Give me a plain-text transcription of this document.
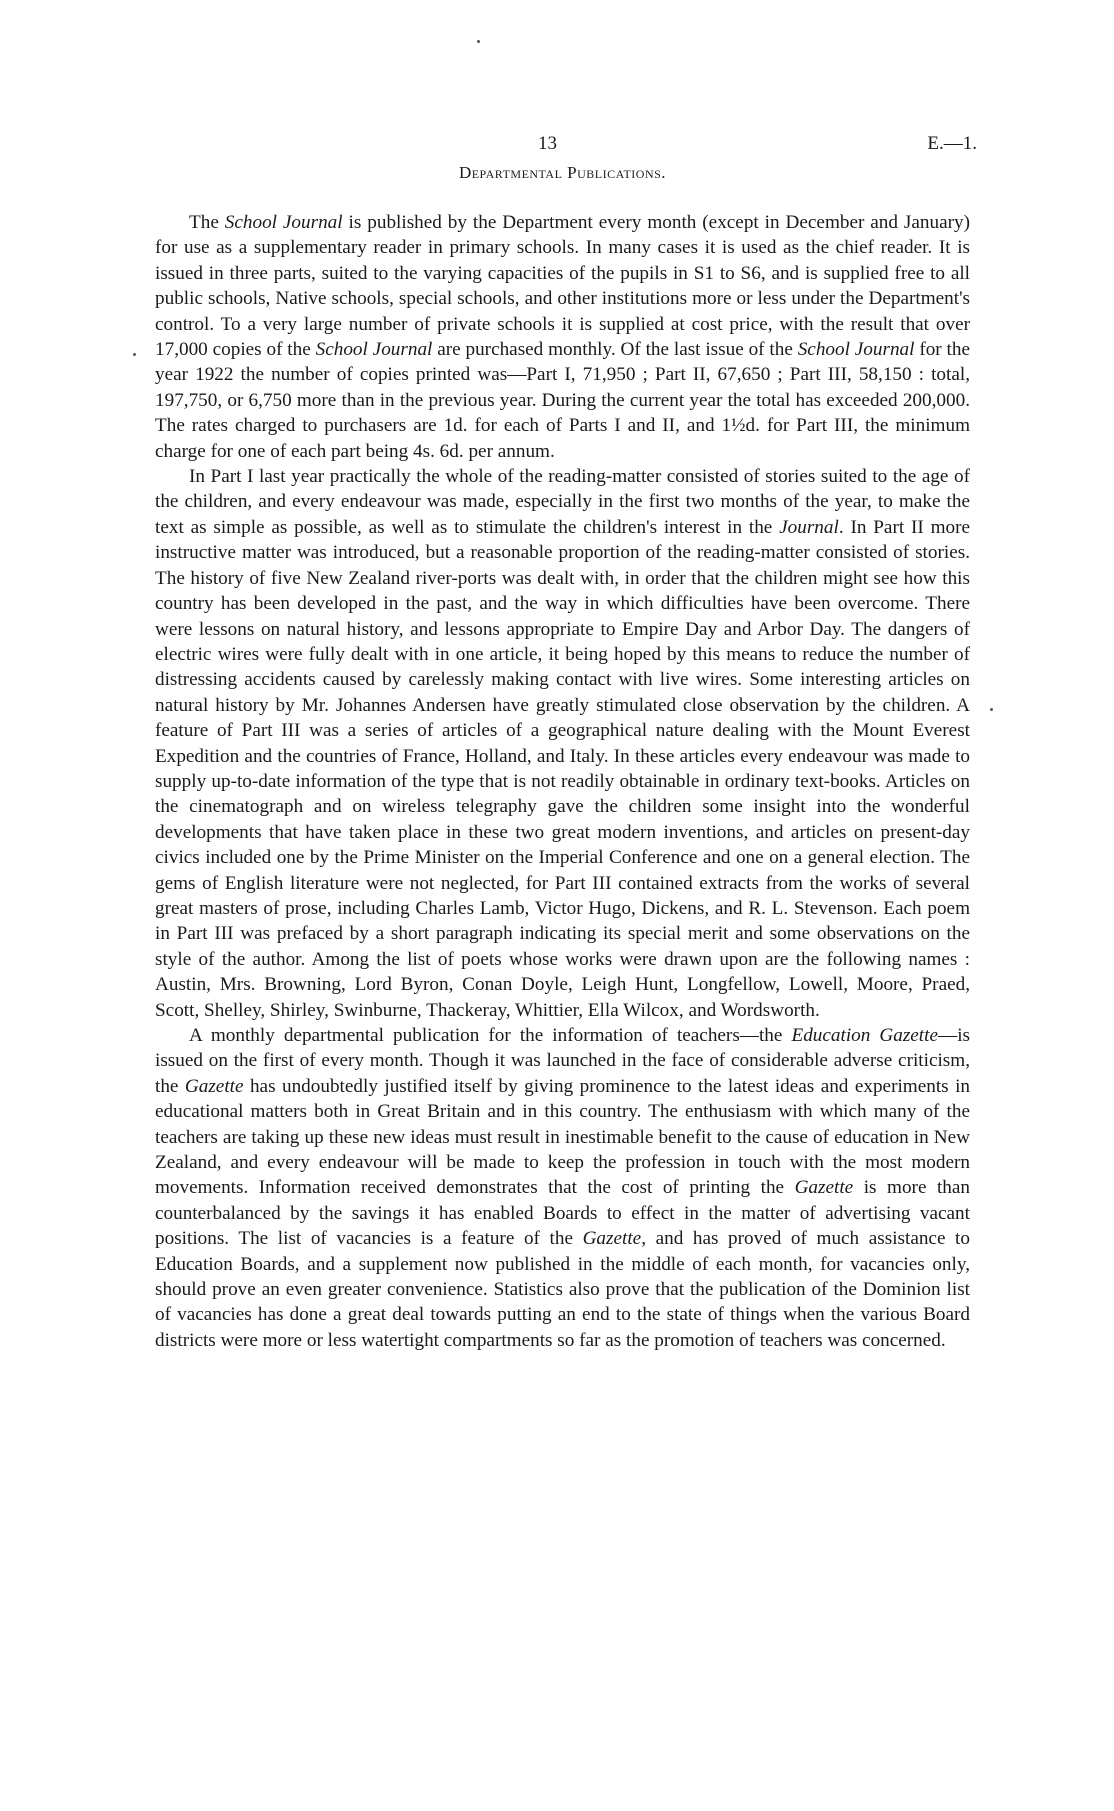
13	E.—1.
Departmental Publications.

The School Journal is published by the Department every month (except in December and January) for use as a supplementary reader in primary schools. In many cases it is used as the chief reader. It is issued in three parts, suited to the varying capacities of the pupils in S1 to S6, and is supplied free to all public schools, Native schools, special schools, and other institutions more or less under the Department's control. To a very large number of private schools it is supplied at cost price, with the result that over 17,000 copies of the School Journal are purchased monthly. Of the last issue of the School Journal for the year 1922 the number of copies printed was—Part I, 71,950 ; Part II, 67,650 ; Part III, 58,150 : total, 197,750, or 6,750 more than in the previous year. During the current year the total has exceeded 200,000. The rates charged to purchasers are 1d. for each of Parts I and II, and 1½d. for Part III, the minimum charge for one of each part being 4s. 6d. per annum.

In Part I last year practically the whole of the reading-matter consisted of stories suited to the age of the children, and every endeavour was made, especially in the first two months of the year, to make the text as simple as possible, as well as to stimulate the children's interest in the Journal. In Part II more instructive matter was introduced, but a reasonable proportion of the reading-matter consisted of stories. The history of five New Zealand river-ports was dealt with, in order that the children might see how this country has been developed in the past, and the way in which difficulties have been overcome. There were lessons on natural history, and lessons appropriate to Empire Day and Arbor Day. The dangers of electric wires were fully dealt with in one article, it being hoped by this means to reduce the number of distressing accidents caused by carelessly making contact with live wires. Some interesting articles on natural history by Mr. Johannes Andersen have greatly stimulated close observation by the children. A feature of Part III was a series of articles of a geographical nature dealing with the Mount Everest Expedition and the countries of France, Holland, and Italy. In these articles every endeavour was made to supply up-to-date information of the type that is not readily obtainable in ordinary text-books. Articles on the cinematograph and on wireless telegraphy gave the children some insight into the wonderful developments that have taken place in these two great modern inventions, and articles on present-day civics included one by the Prime Minister on the Imperial Conference and one on a general election. The gems of English literature were not neglected, for Part III contained extracts from the works of several great masters of prose, including Charles Lamb, Victor Hugo, Dickens, and R. L. Stevenson. Each poem in Part III was prefaced by a short paragraph indicating its special merit and some observations on the style of the author. Among the list of poets whose works were drawn upon are the following names : Austin, Mrs. Browning, Lord Byron, Conan Doyle, Leigh Hunt, Longfellow, Lowell, Moore, Praed, Scott, Shelley, Shirley, Swinburne, Thackeray, Whittier, Ella Wilcox, and Wordsworth.

A monthly departmental publication for the information of teachers—the Education Gazette—is issued on the first of every month. Though it was launched in the face of considerable adverse criticism, the Gazette has undoubtedly justified itself by giving prominence to the latest ideas and experiments in educational matters both in Great Britain and in this country. The enthusiasm with which many of the teachers are taking up these new ideas must result in inestimable benefit to the cause of education in New Zealand, and every endeavour will be made to keep the profession in touch with the most modern movements. Information received demonstrates that the cost of printing the Gazette is more than counterbalanced by the savings it has enabled Boards to effect in the matter of advertising vacant positions. The list of vacancies is a feature of the Gazette, and has proved of much assistance to Education Boards, and a supplement now published in the middle of each month, for vacancies only, should prove an even greater convenience. Statistics also prove that the publication of the Dominion list of vacancies has done a great deal towards putting an end to the state of things when the various Board districts were more or less watertight compartments so far as the promotion of teachers was concerned.
